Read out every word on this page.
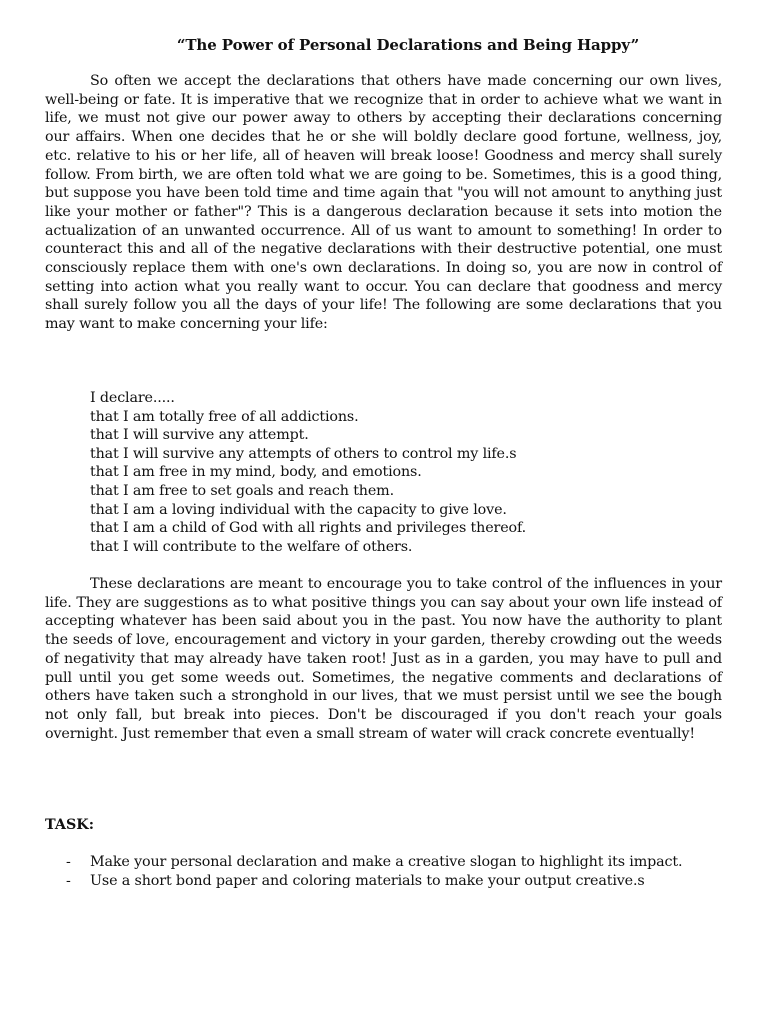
“The Power of Personal Declarations and Being Happy”

So often we accept the declarations that others have made concerning our own lives, well-being or fate. It is imperative that we recognize that in order to achieve what we want in life, we must not give our power away to others by accepting their declarations concerning our affairs. When one decides that he or she will boldly declare good fortune, wellness, joy, etc. relative to his or her life, all of heaven will break loose! Goodness and mercy shall surely follow. From birth, we are often told what we are going to be. Sometimes, this is a good thing, but suppose you have been told time and time again that "you will not amount to anything just like your mother or father"? This is a dangerous declaration because it sets into motion the actualization of an unwanted occurrence. All of us want to amount to something! In order to counteract this and all of the negative declarations with their destructive potential, one must consciously replace them with one's own declarations. In doing so, you are now in control of setting into action what you really want to occur. You can declare that goodness and mercy shall surely follow you all the days of your life! The following are some declarations that you may want to make concerning your life:

I declare.....
that I am totally free of all addictions.
that I will survive any attempt.
that I will survive any attempts of others to control my life.s
that I am free in my mind, body, and emotions.
that I am free to set goals and reach them.
that I am a loving individual with the capacity to give love.
that I am a child of God with all rights and privileges thereof.
that I will contribute to the welfare of others.

These declarations are meant to encourage you to take control of the influences in your life. They are suggestions as to what positive things you can say about your own life instead of accepting whatever has been said about you in the past. You now have the authority to plant the seeds of love, encouragement and victory in your garden, thereby crowding out the weeds of negativity that may already have taken root! Just as in a garden, you may have to pull and pull until you get some weeds out. Sometimes, the negative comments and declarations of others have taken such a stronghold in our lives, that we must persist until we see the bough not only fall, but break into pieces. Don't be discouraged if you don't reach your goals overnight. Just remember that even a small stream of water will crack concrete eventually!

TASK:
- Make your personal declaration and make a creative slogan to highlight its impact.
- Use a short bond paper and coloring materials to make your output creative.s
